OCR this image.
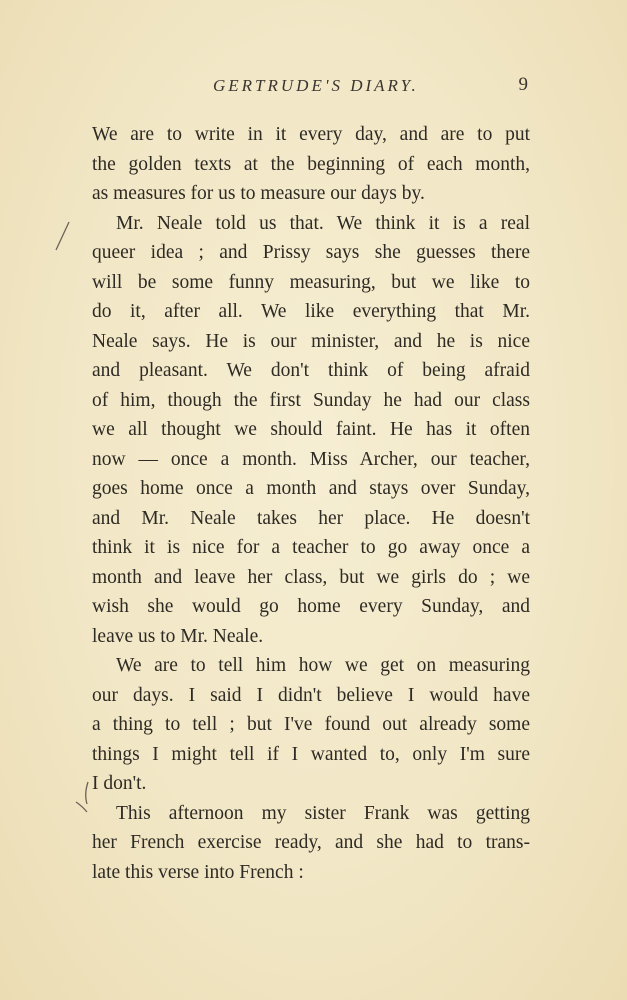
GERTRUDE'S DIARY.	9
We are to write in it every day, and are to put
the golden texts at the beginning of each month,
as measures for us to measure our days by.
Mr. Neale told us that. We think it is a real
queer idea ; and Prissy says she guesses there
will be some funny measuring, but we like to
do it, after all. We like everything that Mr.
Neale says. He is our minister, and he is nice
and pleasant. We don't think of being afraid
of him, though the first Sunday he had our class
we all thought we should faint. He has it often
now — once a month. Miss Archer, our teacher,
goes home once a month and stays over Sunday,
and Mr. Neale takes her place. He doesn't
think it is nice for a teacher to go away once a
month and leave her class, but we girls do ; we
wish she would go home every Sunday, and
leave us to Mr. Neale.
We are to tell him how we get on measuring
our days. I said I didn't believe I would have
a thing to tell ; but I've found out already some
things I might tell if I wanted to, only I'm sure
I don't.
This afternoon my sister Frank was getting
her French exercise ready, and she had to trans-
late this verse into French :
